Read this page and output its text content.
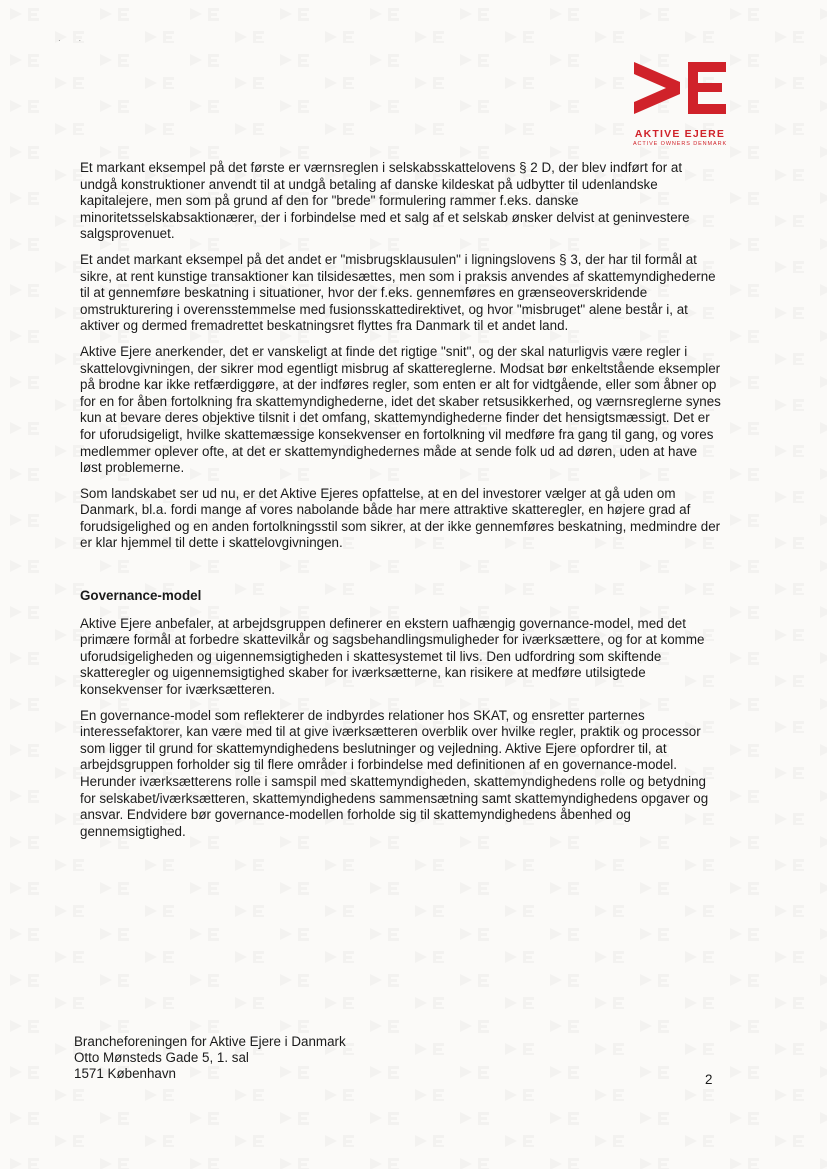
·        ·
AKTIVE EJERE
ACTIVE OWNERS DENMARK

Et markant eksempel på det første er værnsreglen i selskabsskattelovens § 2 D, der blev indført for at undgå konstruktioner anvendt til at undgå betaling af danske kildeskat på udbytter til udenlandske kapitalejere, men som på grund af den for "brede" formulering rammer f.eks. danske minoritetsselskabsaktionærer, der i forbindelse med et salg af et selskab ønsker delvist at geninvestere salgsprovenuet.

Et andet markant eksempel på det andet er "misbrugsklausulen" i ligningslovens § 3, der har til formål at sikre, at rent kunstige transaktioner kan tilsidesættes, men som i praksis anvendes af skattemyndighederne til at gennemføre beskatning i situationer, hvor der f.eks. gennemføres en grænseoverskridende omstrukturering i overensstemmelse med fusionsskattedirektivet, og hvor "misbruget" alene består i, at aktiver og dermed fremadrettet beskatningsret flyttes fra Danmark til et andet land.

Aktive Ejere anerkender, det er vanskeligt at finde det rigtige "snit", og der skal naturligvis være regler i skattelovgivningen, der sikrer mod egentligt misbrug af skattereglerne. Modsat bør enkeltstående eksempler på brodne kar ikke retfærdiggøre, at der indføres regler, som enten er alt for vidtgående, eller som åbner op for en for åben fortolkning fra skattemyndighederne, idet det skaber retsusikkerhed, og værnsreglerne synes kun at bevare deres objektive tilsnit i det omfang, skattemyndighederne finder det hensigtsmæssigt. Det er for uforudsigeligt, hvilke skattemæssige konsekvenser en fortolkning vil medføre fra gang til gang, og vores medlemmer oplever ofte, at det er skattemyndighedernes måde at sende folk ud ad døren, uden at have løst problemerne.

Som landskabet ser ud nu, er det Aktive Ejeres opfattelse, at en del investorer vælger at gå uden om Danmark, bl.a. fordi mange af vores nabolande både har mere attraktive skatteregler, en højere grad af forudsigelighed og en anden fortolkningsstil som sikrer, at der ikke gennemføres beskatning, medmindre der er klar hjemmel til dette i skattelovgivningen.

Governance-model

Aktive Ejere anbefaler, at arbejdsgruppen definerer en ekstern uafhængig governance-model, med det primære formål at forbedre skattevilkår og sagsbehandlingsmuligheder for iværksættere, og for at komme uforudsigeligheden og uigennemsigtigheden i skattesystemet til livs. Den udfordring som skiftende skatteregler og uigennemsigtighed skaber for iværksætterne, kan risikere at medføre utilsigtede konsekvenser for iværksætteren.

En governance-model som reflekterer de indbyrdes relationer hos SKAT, og ensretter parternes interessefaktorer, kan være med til at give iværksætteren overblik over hvilke regler, praktik og processor som ligger til grund for skattemyndighedens beslutninger og vejledning. Aktive Ejere opfordrer til, at arbejdsgruppen forholder sig til flere områder i forbindelse med definitionen af en governance-model. Herunder iværksætterens rolle i samspil med skattemyndigheden, skattemyndighedens rolle og betydning for selskabet/iværksætteren, skattemyndighedens sammensætning samt skattemyndighedens opgaver og ansvar. Endvidere bør governance-modellen forholde sig til skattemyndighedens åbenhed og gennemsigtighed.

Brancheforeningen for Aktive Ejere i Danmark
Otto Mønsteds Gade 5, 1. sal
1571 København	2
